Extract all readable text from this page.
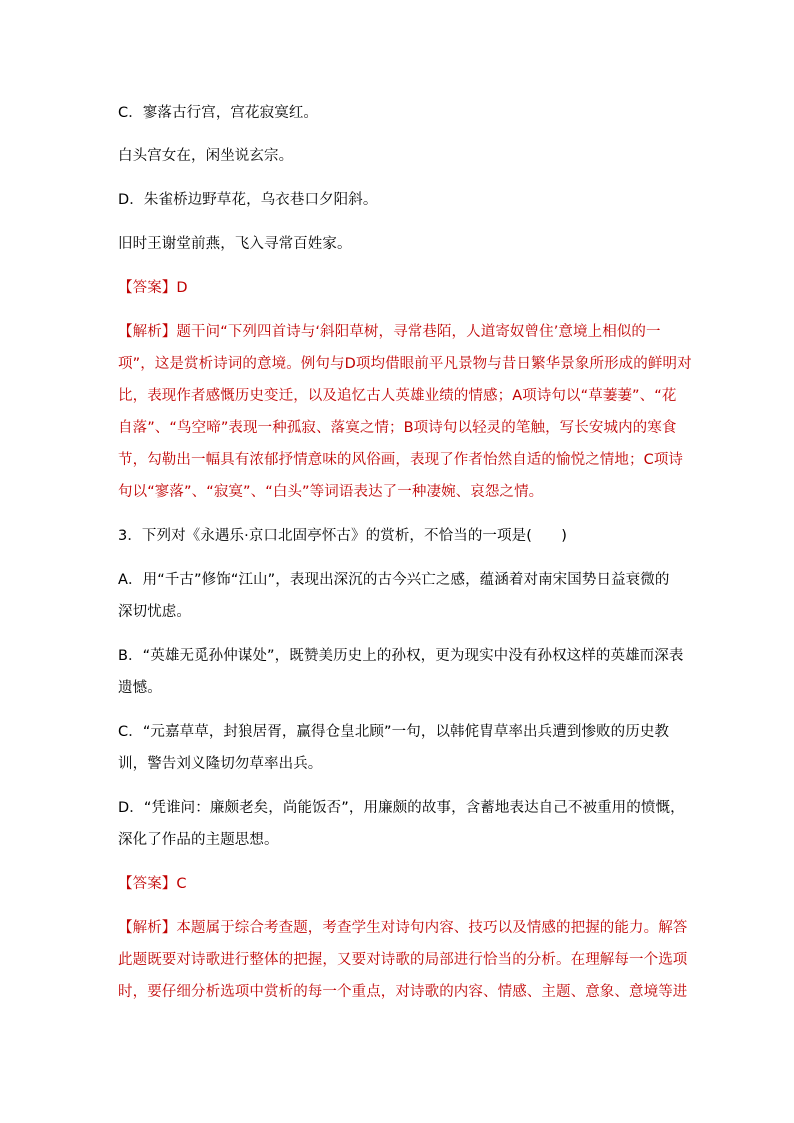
C．寥落古行宫，宫花寂寞红。
白头宫女在，闲坐说玄宗。
D．朱雀桥边野草花，乌衣巷口夕阳斜。
旧时王谢堂前燕，飞入寻常百姓家。
【答案】D
【解析】题干问“下列四首诗与‘斜阳草树，寻常巷陌，人道寄奴曾住’意境上相似的一
项”，这是赏析诗词的意境。例句与D项均借眼前平凡景物与昔日繁华景象所形成的鲜明对
比，表现作者感慨历史变迁，以及追忆古人英雄业绩的情感；A项诗句以“草萋萋”、“花
自落”、“鸟空啼”表现一种孤寂、落寞之情；B项诗句以轻灵的笔触，写长安城内的寒食
节，勾勒出一幅具有浓郁抒情意味的风俗画，表现了作者怡然自适的愉悦之情地；C项诗
句以“寥落”、“寂寞”、“白头”等词语表达了一种凄婉、哀怨之情。
3．下列对《永遇乐·京口北固亭怀古》的赏析，不恰当的一项是(　　)
A．用“千古”修饰“江山”，表现出深沉的古今兴亡之感，蕴涵着对南宋国势日益衰微的
深切忧虑。
B．“英雄无觅孙仲谋处”，既赞美历史上的孙权，更为现实中没有孙权这样的英雄而深表
遗憾。
C．“元嘉草草，封狼居胥，赢得仓皇北顾”一句，以韩侂胄草率出兵遭到惨败的历史教
训，警告刘义隆切勿草率出兵。
D．“凭谁问：廉颇老矣，尚能饭否”，用廉颇的故事，含蓄地表达自己不被重用的愤慨，
深化了作品的主题思想。
【答案】C
【解析】本题属于综合考查题，考查学生对诗句内容、技巧以及情感的把握的能力。解答
此题既要对诗歌进行整体的把握，又要对诗歌的局部进行恰当的分析。在理解每一个选项
时，要仔细分析选项中赏析的每一个重点，对诗歌的内容、情感、主题、意象、意境等进
